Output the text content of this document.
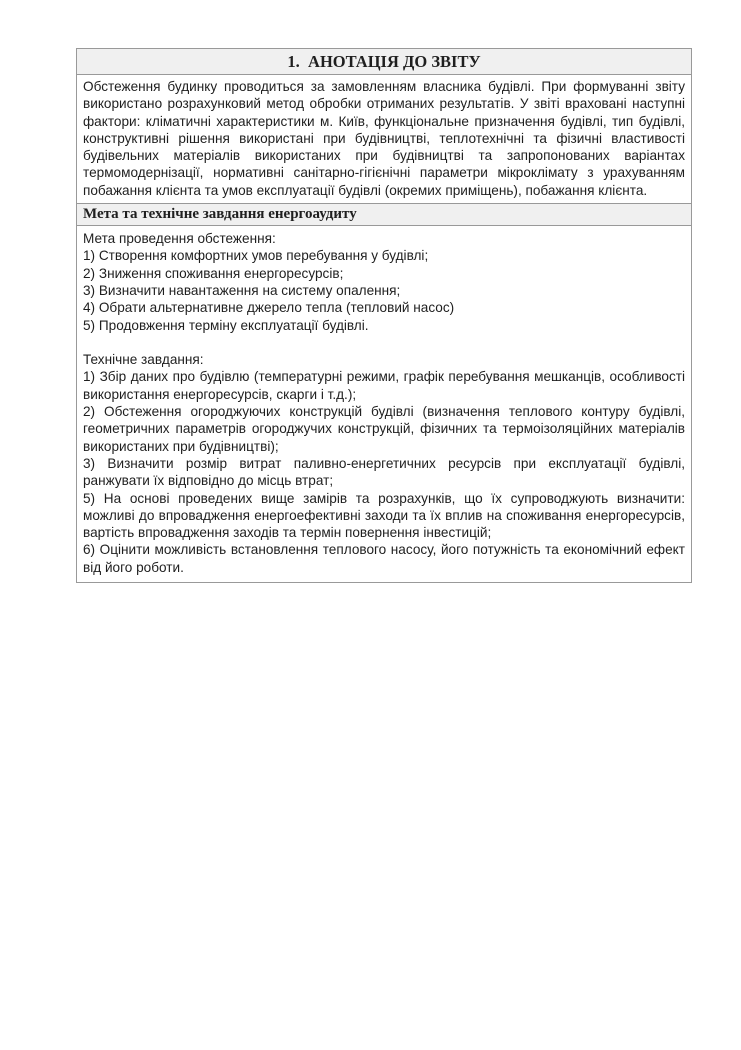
1.  АНОТАЦІЯ ДО ЗВІТУ
Обстеження будинку проводиться за замовленням власника будівлі. При формуванні звіту використано розрахунковий метод обробки отриманих результатів. У звіті враховані наступні фактори: кліматичні характеристики м. Київ, функціональне призначення будівлі, тип будівлі, конструктивні рішення використані при будівництві, теплотехнічні та фізичні властивості будівельних матеріалів використаних при будівництві та запропонованих варіантах термомодернізації, нормативні санітарно-гігієнічні параметри мікроклімату з урахуванням побажання клієнта та умов експлуатації будівлі (окремих приміщень), побажання клієнта.
Мета та технічне завдання енергоаудиту
Мета проведення обстеження:
1) Створення комфортних умов перебування у будівлі;
2) Зниження споживання енергоресурсів;
3) Визначити навантаження на систему опалення;
4) Обрати альтернативне джерело тепла (тепловий насос)
5) Продовження терміну експлуатації будівлі.
Технічне завдання:
1) Збір даних про будівлю (температурні режими, графік перебування мешканців, особливості використання енергоресурсів, скарги і т.д.);
2) Обстеження огороджуючих конструкцій будівлі (визначення теплового контуру будівлі, геометричних параметрів огороджучих конструкцій, фізичних та термоізоляційних матеріалів використаних при будівництві);
3) Визначити розмір витрат паливно-енергетичних ресурсів при експлуатації будівлі, ранжувати їх відповідно до місць втрат;
5) На основі проведених вище замірів та розрахунків, що їх супроводжують визначити: можливі до впровадження енергоефективні заходи та їх вплив на споживання енергоресурсів, вартість впровадження заходів та термін повернення інвестицій;
6) Оцінити можливість встановлення теплового насосу, його потужність та економічний ефект від його роботи.
